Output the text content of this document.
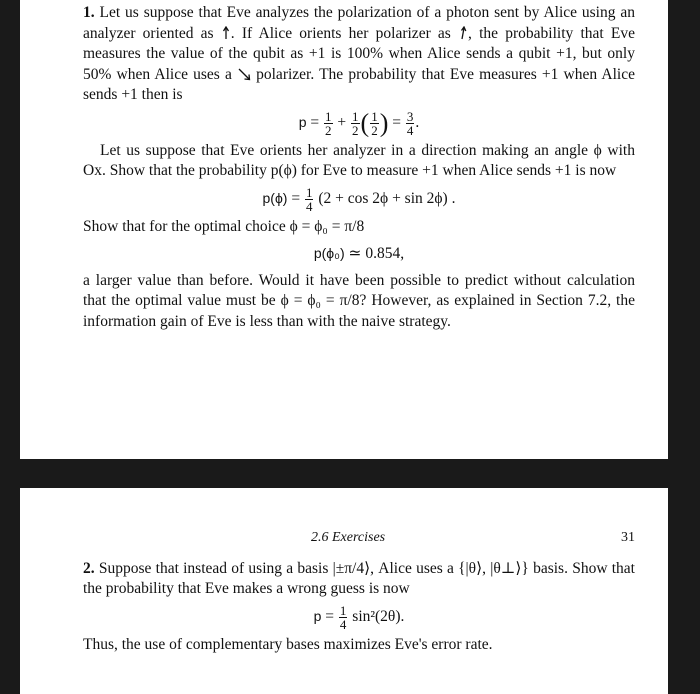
1. Let us suppose that Eve analyzes the polarization of a photon sent by Alice using an analyzer oriented as . If Alice orients her polarizer as , the probability that Eve measures the value of the qubit as +1 is 100% when Alice sends a qubit +1, but only 50% when Alice uses a  polarizer. The probability that Eve measures +1 when Alice sends +1 then is

$p = \frac{1}{2} + \frac{1}{2}$ ( $\frac{1}{2}$ ) = $\frac{3}{4}$ .

Let us suppose that Eve orients her analyzer in a direction making an angle ϕ with Ox. Show that the probability p(ϕ) for Eve to measure +1 when Alice sends +1 is now

$p(\phi) = \frac{1}{4} (2 + \cos 2\phi + \sin 2\phi)$ .

Show that for the optimal choice ϕ = ϕ₀ = π/8

p(ϕ₀) ≃ 0.854,

a larger value than before. Would it have been possible to predict without calculation that the optimal value must be ϕ = ϕ₀ = π/8? However, as explained in Section 7.2, the information gain of Eve is less than with the naive strategy.

2.6 Exercises	31

2. Suppose that instead of using a basis |±π/4⟩, Alice uses a {|θ⟩, |θ⊥⟩} basis. Show that the probability that Eve makes a wrong guess is now

$p = \frac{1}{4} \sin^2(2\theta)$.

Thus, the use of complementary bases maximizes Eve's error rate.
